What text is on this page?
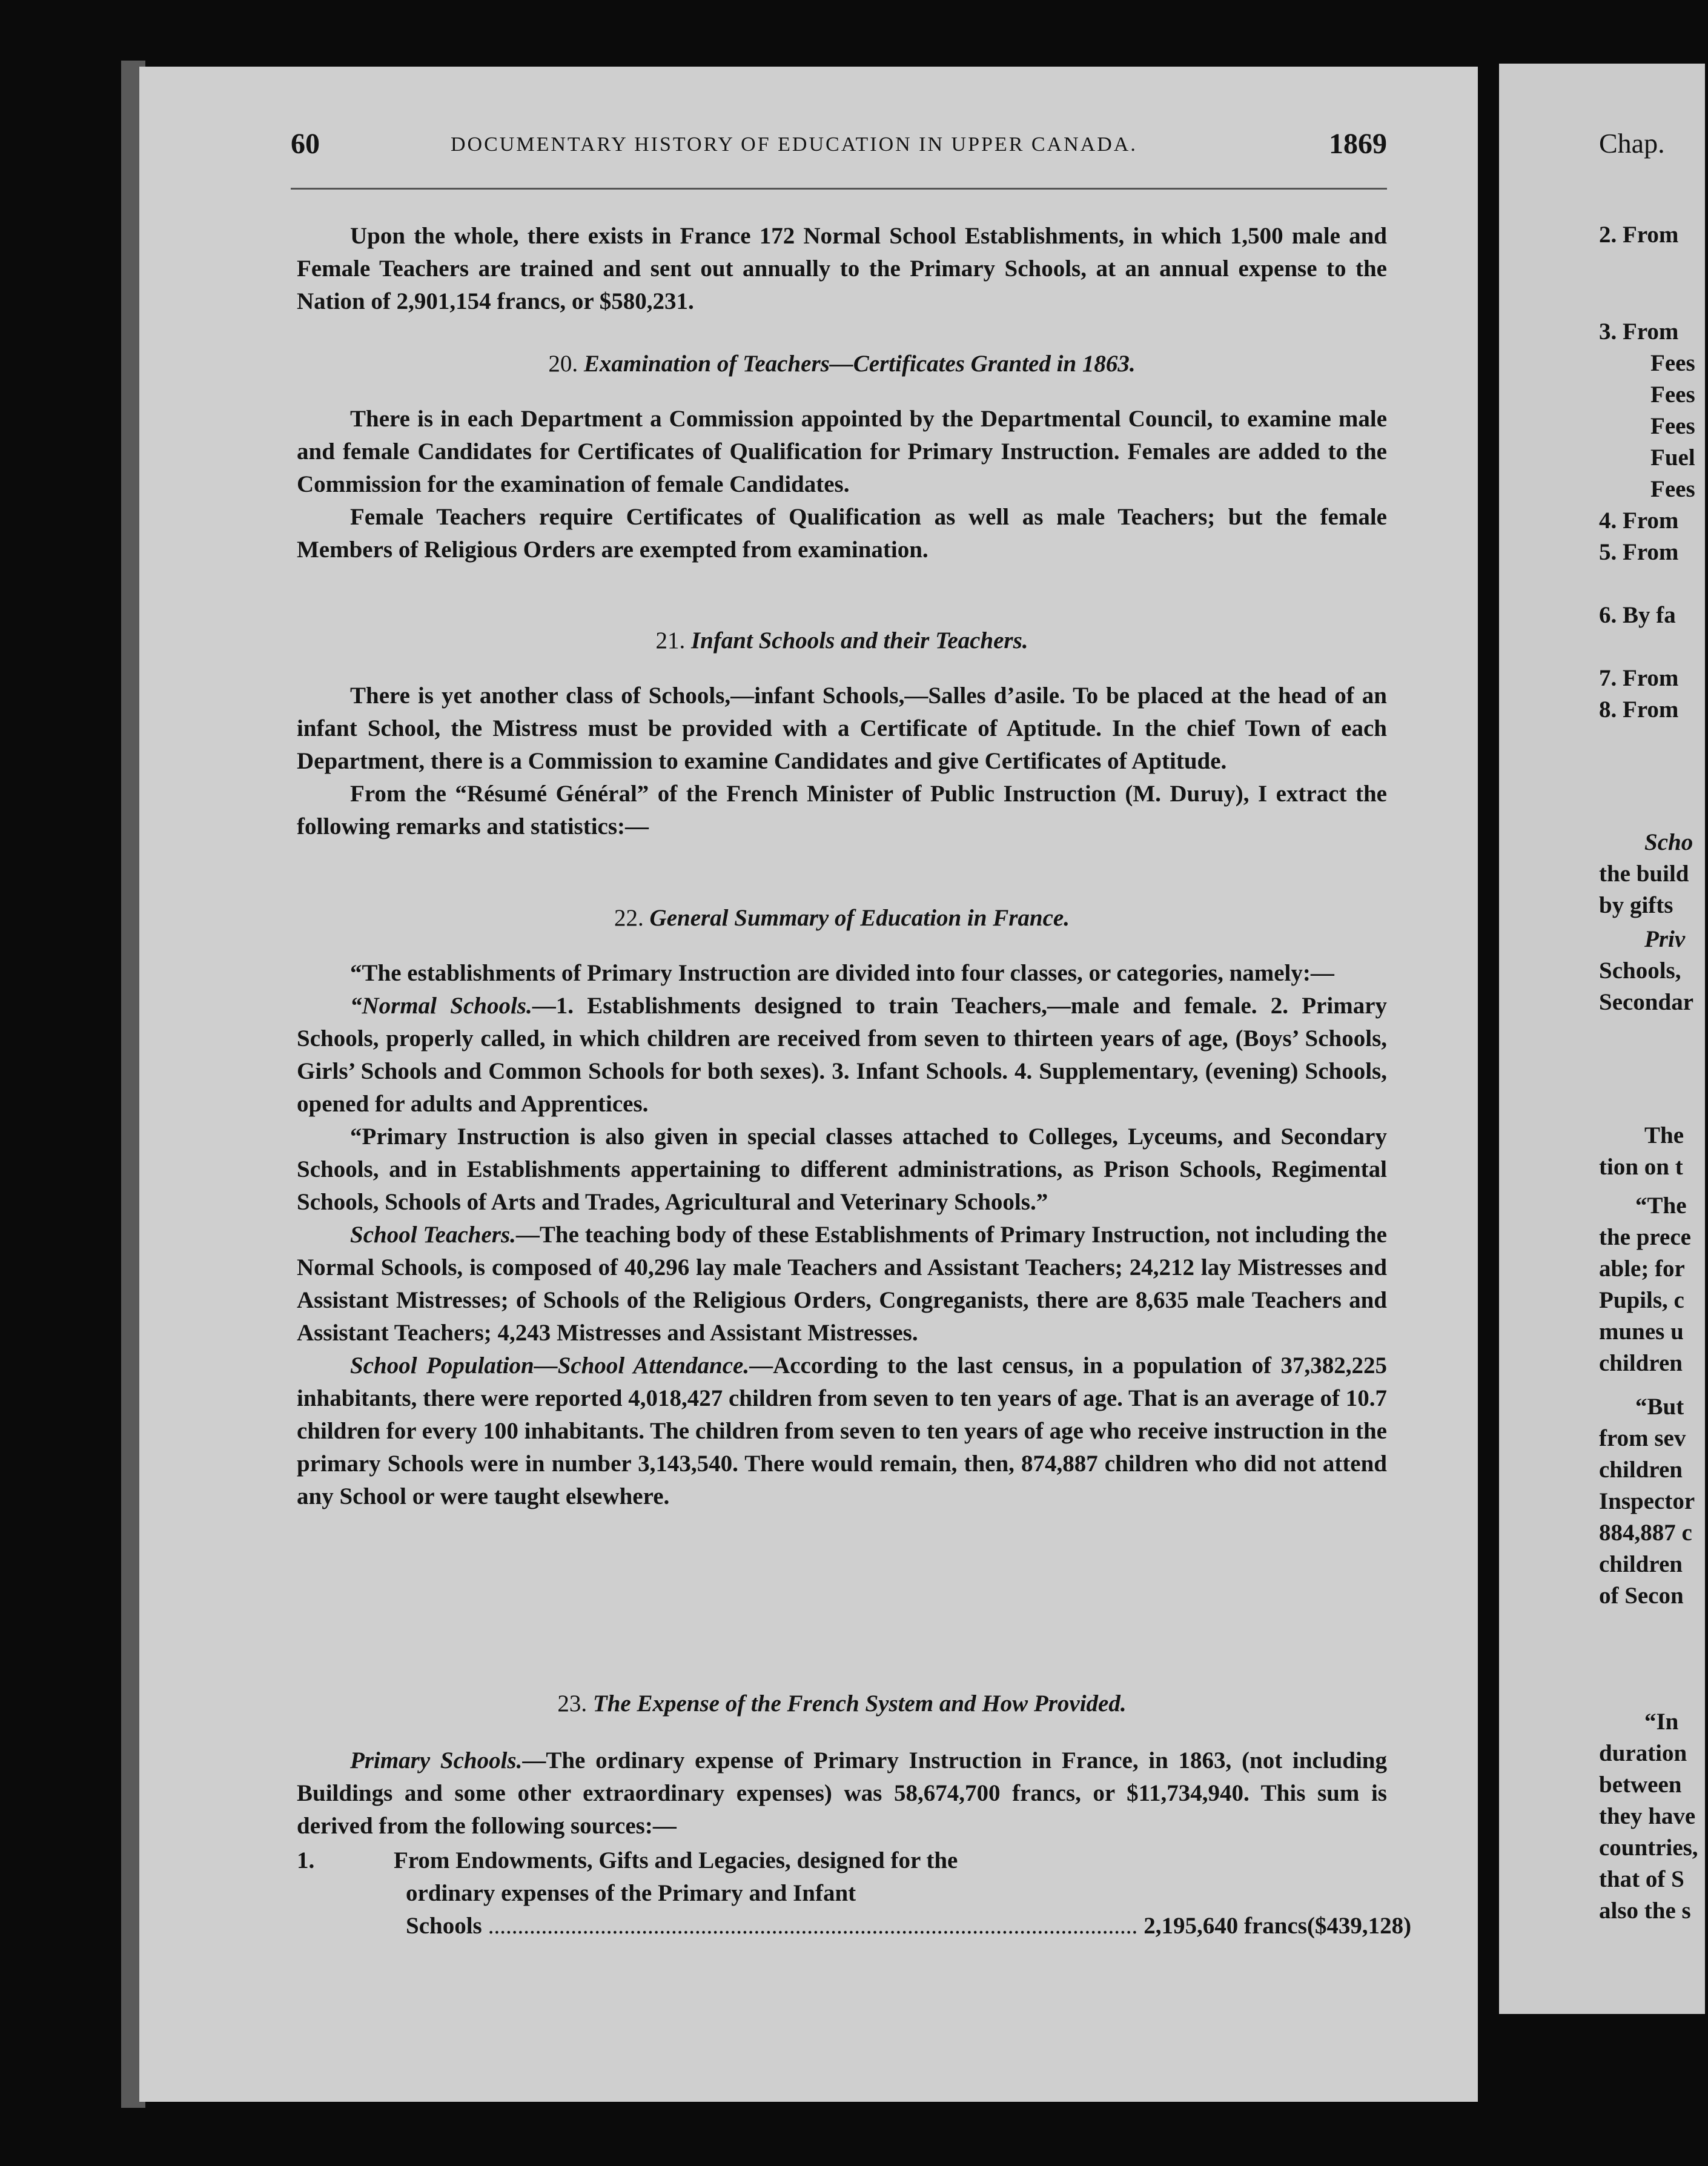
60	DOCUMENTARY HISTORY OF EDUCATION IN UPPER CANADA.	1869

Upon the whole, there exists in France 172 Normal School Establishments, in which 1,500 male and Female Teachers are trained and sent out annually to the Primary Schools, at an annual expense to the Nation of 2,901,154 francs, or $580,231.

20. Examination of Teachers—Certificates Granted in 1863.

There is in each Department a Commission appointed by the Departmental Council, to examine male and female Candidates for Certificates of Qualification for Primary Instruction. Females are added to the Commission for the examination of female Candidates.

Female Teachers require Certificates of Qualification as well as male Teachers; but the female Members of Religious Orders are exempted from examination.

21. Infant Schools and their Teachers.

There is yet another class of Schools,—infant Schools,—Salles d’asile. To be placed at the head of an infant School, the Mistress must be provided with a Certificate of Aptitude. In the chief Town of each Department, there is a Commission to examine Candidates and give Certificates of Aptitude.

From the “Résumé Général” of the French Minister of Public Instruction (M. Duruy), I extract the following remarks and statistics:—

22. General Summary of Education in France.

“The establishments of Primary Instruction are divided into four classes, or categories, namely:—

“Normal Schools.—1. Establishments designed to train Teachers,—male and female. 2. Primary Schools, properly called, in which children are received from seven to thirteen years of age, (Boys’ Schools, Girls’ Schools and Common Schools for both sexes). 3. Infant Schools. 4. Supplementary, (evening) Schools, opened for adults and Apprentices.

“Primary Instruction is also given in special classes attached to Colleges, Lyceums, and Secondary Schools, and in Establishments appertaining to different administrations, as Prison Schools, Regimental Schools, Schools of Arts and Trades, Agricultural and Veterinary Schools.”

School Teachers.—The teaching body of these Establishments of Primary Instruction, not including the Normal Schools, is composed of 40,296 lay male Teachers and Assistant Teachers; 24,212 lay Mistresses and Assistant Mistresses; of Schools of the Religious Orders, Congreganists, there are 8,635 male Teachers and Assistant Teachers; 4,243 Mistresses and Assistant Mistresses.

School Population—School Attendance.—According to the last census, in a population of 37,382,225 inhabitants, there were reported 4,018,427 children from seven to ten years of age. That is an average of 10.7 children for every 100 inhabitants. The children from seven to ten years of age who receive instruction in the primary Schools were in number 3,143,540. There would remain, then, 874,887 children who did not attend any School or were taught elsewhere.

23. The Expense of the French System and How Provided.

Primary Schools.—The ordinary expense of Primary Instruction in France, in 1863, (not including Buildings and some other extraordinary expenses) was 58,674,700 francs, or $11,734,940. This sum is derived from the following sources:—

1.	From Endowments, Gifts and Legacies, designed for the
ordinary expenses of the Primary and Infant
Schools .............................................................................................................. 2,195,640 francs ($439,128)
Chap.
2. From
3. From
Fees
Fees
Fees
Fuel
Fees
4. From
5. From
6. By fa
7. From
8. From
Scho
the build
by gifts
Priv
Schools,
Secondar
The
tion on t
“The
the prece
able; for
Pupils, c
munes u
children
“But
from sev
children
Inspector
884,887 c
children
of Secon
“In
duration
between
they have
countries,
that of S
also the s
